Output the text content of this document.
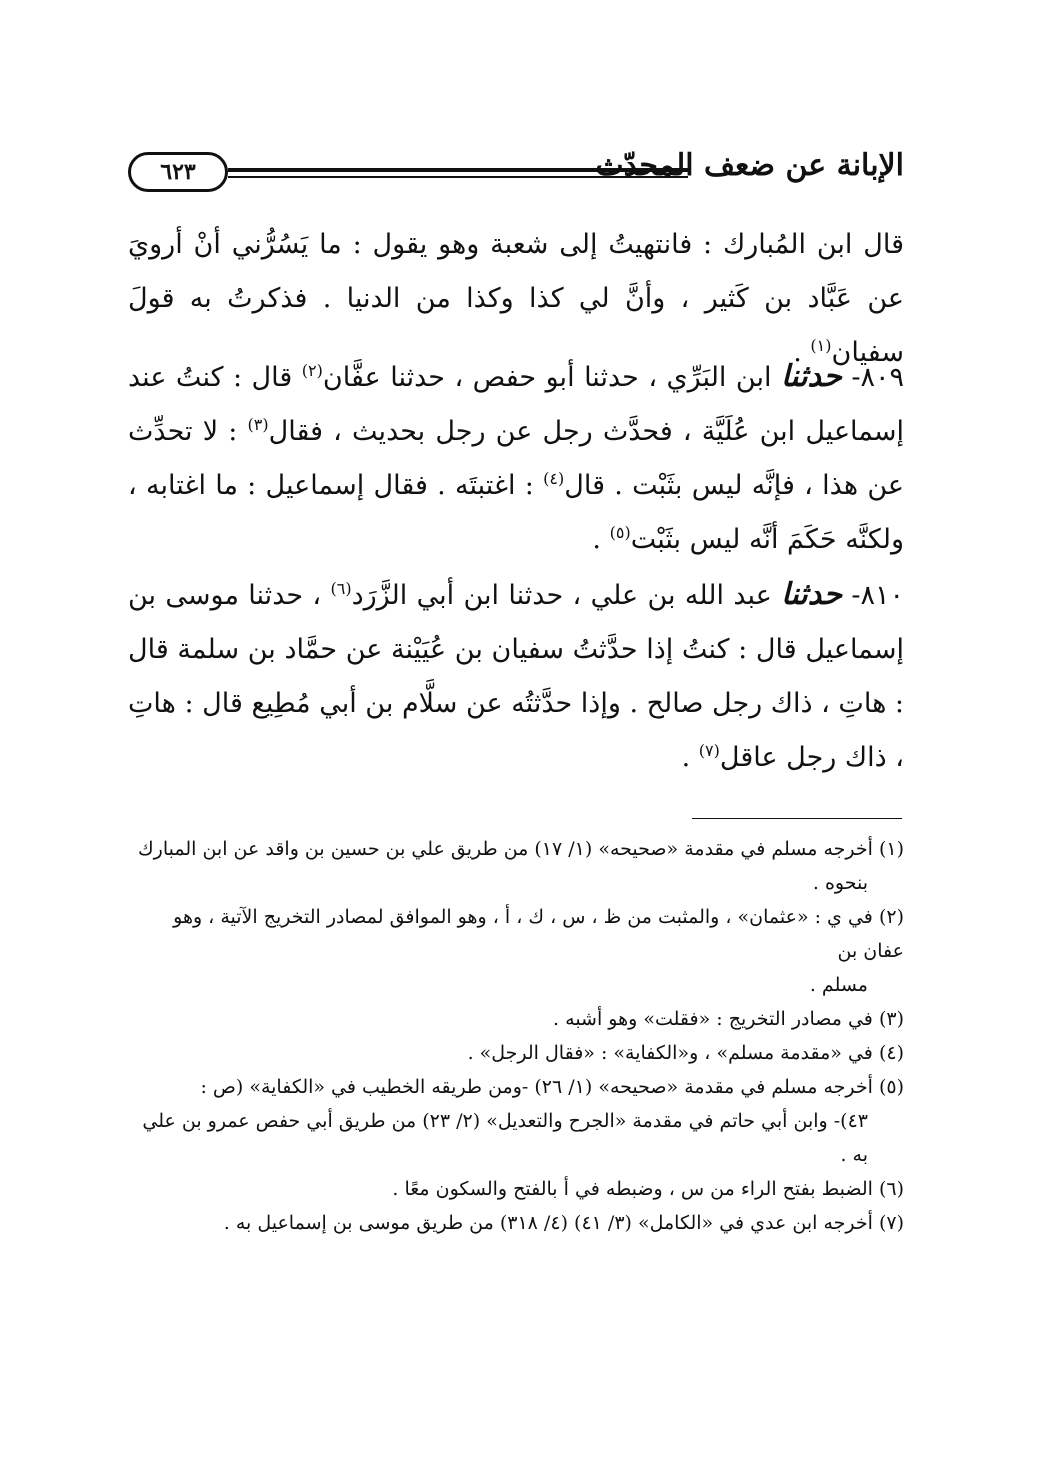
٦٢٣	الإبانة عن ضعف المحدّث
قال ابن المُبارك : فانتهيتُ إلى شعبة وهو يقول : ما يَسُرُّني أنْ أرويَ عن عَبَّاد بن كَثير ، وأنَّ لي كذا وكذا من الدنيا . فذكرتُ به قولَ سفيان$^{(١)}$ .
٨٠٩- حدثنا ابن البَرِّي ، حدثنا أبو حفص ، حدثنا عفَّان$^{(٢)}$ قال : كنتُ عند إسماعيل ابن عُلَيَّة ، فحدَّث رجل عن رجل بحديث ، فقال$^{(٣)}$ : لا تحدِّث عن هذا ، فإنَّه ليس بثَبْت . قال$^{(٤)}$ : اغتبتَه . فقال إسماعيل : ما اغتابه ، ولكنَّه حَكَمَ أنَّه ليس بثَبْت$^{(٥)}$ .
٨١٠- حدثنا عبد الله بن علي ، حدثنا ابن أبي الزَّرَد$^{(٦)}$ ، حدثنا موسى بن إسماعيل قال : كنتُ إذا حدَّثتُ سفيان بن عُيَيْنة عن حمَّاد بن سلمة قال : هاتِ ، ذاك رجل صالح . وإذا حدَّثتُه عن سلَّام بن أبي مُطِيع قال : هاتِ ، ذاك رجل عاقل$^{(٧)}$ .
(١) أخرجه مسلم في مقدمة «صحيحه» (١/ ١٧) من طريق علي بن حسين بن واقد عن ابن المبارك
بنحوه .
(٢) في ي : «عثمان» ، والمثبت من ظ ، س ، ك ، أ ، وهو الموافق لمصادر التخريج الآتية ، وهو عفان بن
مسلم .
(٣) في مصادر التخريج : «فقلت» وهو أشبه .
(٤) في «مقدمة مسلم» ، و«الكفاية» : «فقال الرجل» .
(٥) أخرجه مسلم في مقدمة «صحيحه» (١/ ٢٦) -ومن طريقه الخطيب في «الكفاية» (ص :
٤٣)- وابن أبي حاتم في مقدمة «الجرح والتعديل» (٢/ ٢٣) من طريق أبي حفص عمرو بن علي به .
(٦) الضبط بفتح الراء من س ، وضبطه في أ بالفتح والسكون معًا .
(٧) أخرجه ابن عدي في «الكامل» (٣/ ٤١) (٤/ ٣١٨) من طريق موسى بن إسماعيل به .
